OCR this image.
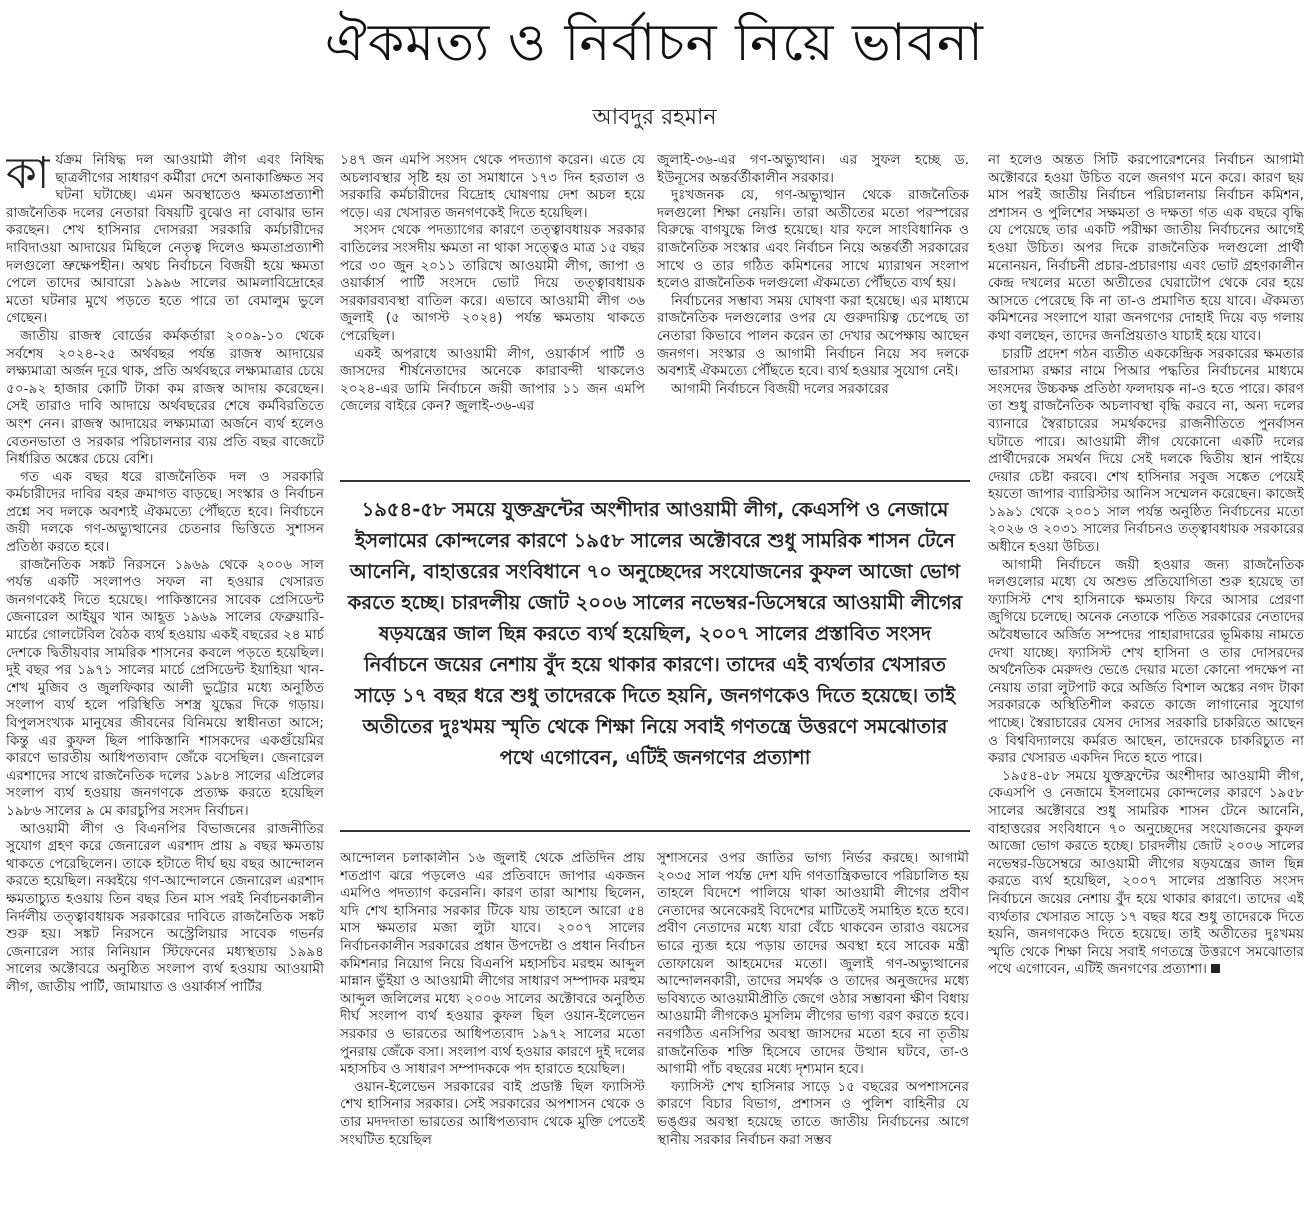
ঐকমত্য ও নির্বাচন নিয়ে ভাবনা
আবদুর রহমান

কার্যক্রম নিষিদ্ধ দল আওয়ামী লীগ এবং নিষিদ্ধ ছাত্রলীগের সাধারণ কর্মীরা দেশে অনাকাঙ্ক্ষিত সব ঘটনা ঘটাচ্ছে। এমন অবস্থাতেও ক্ষমতাপ্রত্যাশী রাজনৈতিক দলের নেতারা বিষয়টি বুঝেও না বোঝার ভান করছেন। শেখ হাসিনার দোসররা সরকারি কর্মচারীদের দাবিদাওয়া আদায়ের মিছিলে নেতৃত্ব দিলেও ক্ষমতাপ্রত্যাশী দলগুলো ভ্রুক্ষেপহীন। অথচ নির্বাচনে বিজয়ী হয়ে ক্ষমতা পেলে তাদের আবারো ১৯৯৬ সালের আমলাবিদ্রোহের মতো ঘটনার মুখে পড়তে হতে পারে তা বেমালুম ভুলে গেছেন।

জাতীয় রাজস্ব বোর্ডের কর্মকর্তারা ২০০৯-১০ থেকে সর্বশেষ ২০২৪-২৫ অর্থবছর পর্যন্ত রাজস্ব আদায়ের লক্ষ্যমাত্রা অর্জন দূরে থাক, প্রতি অর্থবছরে লক্ষ্যমাত্রার চেয়ে ৫০-৯২ হাজার কোটি টাকা কম রাজস্ব আদায় করেছেন। সেই তারাও দাবি আদায়ে অর্থবছরের শেষে কর্মবিরতিতে অংশ নেন। রাজস্ব আদায়ের লক্ষ্যমাত্রা অর্জনে ব্যর্থ হলেও বেতনভাতা ও সরকার পরিচালনার ব্যয় প্রতি বছর বাজেটে নির্ধারিত অঙ্কের চেয়ে বেশি।

গত এক বছর ধরে রাজনৈতিক দল ও সরকারি কর্মচারীদের দাবির বহর ক্রমাগত বাড়ছে। সংস্কার ও নির্বাচন প্রশ্নে সব দলকে অবশ্যই ঐকমত্যে পৌঁছতে হবে। নির্বাচনে জয়ী দলকে গণ-অভ্যুত্থানের চেতনার ভিত্তিতে সুশাসন প্রতিষ্ঠা করতে হবে।

রাজনৈতিক সঙ্কট নিরসনে ১৯৬৯ থেকে ২০০৬ সাল পর্যন্ত একটি সংলাপও সফল না হওয়ার খেসারত জনগণকেই দিতে হয়েছে। পাকিস্তানের সাবেক প্রেসিডেন্ট জেনারেল আইয়ুব খান আহূত ১৯৬৯ সালের ফেব্রুয়ারি-মার্চের গোলটেবিল বৈঠক ব্যর্থ হওয়ায় একই বছরের ২৪ মার্চ দেশকে দ্বিতীয়বার সামরিক শাসনের কবলে পড়তে হয়েছিল। দুই বছর পর ১৯৭১ সালের মার্চে প্রেসিডেন্ট ইয়াহিয়া খান-শেখ মুজিব ও জুলফিকার আলী ভুট্টোর মধ্যে অনুষ্ঠিত সংলাপ ব্যর্থ হলে পরিস্থিতি সশস্ত্র যুদ্ধের দিকে গড়ায়। বিপুলসংখ্যক মানুষের জীবনের বিনিময়ে স্বাধীনতা আসে; কিন্তু এর কুফল ছিল পাকিস্তানি শাসকদের একগুঁয়েমির কারণে ভারতীয় আধিপত্যবাদ জেঁকে বসেছিল। জেনারেল এরশাদের সাথে রাজনৈতিক দলের ১৯৮৪ সালের এপ্রিলের সংলাপ ব্যর্থ হওয়ায় জনগণকে প্রত্যক্ষ করতে হয়েছিল ১৯৮৬ সালের ৯ মে কারচুপির সংসদ নির্বাচন।

আওয়ামী লীগ ও বিএনপির বিভাজনের রাজনীতির সুযোগ গ্রহণ করে জেনারেল এরশাদ প্রায় ৯ বছর ক্ষমতায় থাকতে পেরেছিলেন। তাকে হটাতে দীর্ঘ ছয় বছর আন্দোলন করতে হয়েছিল। নব্বইয়ে গণ-আন্দোলনে জেনারেল এরশাদ ক্ষমতাচ্যুত হওয়ায় তিন বছর তিন মাস পরই নির্বাচনকালীন নির্দলীয় তত্ত্বাবধায়ক সরকারের দাবিতে রাজনৈতিক সঙ্কট শুরু হয়। সঙ্কট নিরসনে অস্ট্রেলিয়ার সাবেক গভর্নর জেনারেল স্যার নিনিয়ান স্টিফেনের মধ্যস্থতায় ১৯৯৪ সালের অক্টোবরে অনুষ্ঠিত সংলাপ ব্যর্থ হওয়ায় আওয়ামী লীগ, জাতীয় পার্টি, জামায়াত ও ওয়ার্কার্স পার্টির

১৪৭ জন এমপি সংসদ থেকে পদত্যাগ করেন। এতে যে অচলাবস্থার সৃষ্টি হয় তা সমাধানে ১৭৩ দিন হরতাল ও সরকারি কর্মচারীদের বিদ্রোহ ঘোষণায় দেশ অচল হয়ে পড়ে। এর খেসারত জনগণকেই দিতে হয়েছিল।

সংসদ থেকে পদত্যাগের কারণে তত্ত্বাবধায়ক সরকার বাতিলের সংসদীয় ক্ষমতা না থাকা সত্ত্বেও মাত্র ১৫ বছর পরে ৩০ জুন ২০১১ তারিখে আওয়ামী লীগ, জাপা ও ওয়ার্কার্স পার্টি সংসদে ভোট দিয়ে তত্ত্বাবধায়ক সরকারব্যবস্থা বাতিল করে। এভাবে আওয়ামী লীগ ৩৬ জুলাই (৫ আগস্ট ২০২৪) পর্যন্ত ক্ষমতায় থাকতে পেরেছিল।

একই অপরাধে আওয়ামী লীগ, ওয়ার্কার্স পার্টি ও জাসদের শীর্ষনেতাদের অনেকে কারাবন্দী থাকলেও ২০২৪-এর ডামি নির্বাচনে জয়ী জাপার ১১ জন এমপি জেলের বাইরে কেন? জুলাই-৩৬-এর

জুলাই-৩৬-এর গণ-অভ্যুত্থান। এর সুফল হচ্ছে ড. ইউনূসের অন্তর্বর্তীকালীন সরকার।

দুঃখজনক যে, গণ-অভ্যুত্থান থেকে রাজনৈতিক দলগুলো শিক্ষা নেয়নি। তারা অতীতের মতো পরস্পরের বিরুদ্ধে বাগযুদ্ধে লিপ্ত হয়েছে। যার ফলে সাংবিধানিক ও রাজনৈতিক সংস্কার এবং নির্বাচন নিয়ে অন্তর্বর্তী সরকারের সাথে ও তার গঠিত কমিশনের সাথে ম্যারাথন সংলাপ হলেও রাজনৈতিক দলগুলো ঐকমত্যে পৌঁছতে ব্যর্থ হয়।

নির্বাচনের সম্ভাব্য সময় ঘোষণা করা হয়েছে। এর মাধ্যমে রাজনৈতিক দলগুলোর ওপর যে গুরুদায়িত্ব চেপেছে তা নেতারা কিভাবে পালন করেন তা দেখার অপেক্ষায় আছেন জনগণ। সংস্কার ও আগামী নির্বাচন নিয়ে সব দলকে অবশ্যই ঐকমত্যে পৌঁছতে হবে। ব্যর্থ হওয়ার সুযোগ নেই।

আগামী নির্বাচনে বিজয়ী দলের সরকারের

১৯৫৪-৫৮ সময়ে যুক্তফ্রন্টের অংশীদার আওয়ামী লীগ, কেএসপি ও নেজামে ইসলামের কোন্দলের কারণে ১৯৫৮ সালের অক্টোবরে শুধু সামরিক শাসন টেনে আনেনি, বাহাত্তরের সংবিধানে ৭০ অনুচ্ছেদের সংযোজনের কুফল আজো ভোগ করতে হচ্ছে। চারদলীয় জোট ২০০৬ সালের নভেম্বর-ডিসেম্বরে আওয়ামী লীগের ষড়যন্ত্রের জাল ছিন্ন করতে ব্যর্থ হয়েছিল, ২০০৭ সালের প্রস্তাবিত সংসদ নির্বাচনে জয়ের নেশায় বুঁদ হয়ে থাকার কারণে। তাদের এই ব্যর্থতার খেসারত সাড়ে ১৭ বছর ধরে শুধু তাদেরকে দিতে হয়নি, জনগণকেও দিতে হয়েছে। তাই অতীতের দুঃখময় স্মৃতি থেকে শিক্ষা নিয়ে সবাই গণতন্ত্রে উত্তরণে সমঝোতার পথে এগোবেন, এটিই জনগণের প্রত্যাশা

আন্দোলন চলাকালীন ১৬ জুলাই থেকে প্রতিদিন প্রায় শতপ্রাণ ঝরে পড়লেও এর প্রতিবাদে জাপার একজন এমপিও পদত্যাগ করেননি। কারণ তারা আশায় ছিলেন, যদি শেখ হাসিনার সরকার টিকে যায় তাহলে আরো ৫৪ মাস ক্ষমতার মজা লুটা যাবে। ২০০৭ সালের নির্বাচনকালীন সরকারের প্রধান উপদেষ্টা ও প্রধান নির্বাচন কমিশনার নিয়োগ নিয়ে বিএনপি মহাসচিব মরহুম আব্দুল মান্নান ভুঁইয়া ও আওয়ামী লীগের সাধারণ সম্পাদক মরহুম আব্দুল জলিলের মধ্যে ২০০৬ সালের অক্টোবরে অনুষ্ঠিত দীর্ঘ সংলাপ ব্যর্থ হওয়ার কুফল ছিল ওয়ান-ইলেভেন সরকার ও ভারতের আধিপত্যবাদ ১৯৭২ সালের মতো পুনরায় জেঁকে বসা। সংলাপ ব্যর্থ হওয়ার কারণে দুই দলের মহাসচিব ও সাধারণ সম্পাদককে পদ হারাতে হয়েছিল।

ওয়ান-ইলেভেন সরকারের বাই প্রডাক্ট ছিল ফ্যাসিস্ট শেখ হাসিনার সরকার। সেই সরকারের অপশাসন থেকে ও তার মদদদাতা ভারতের আধিপত্যবাদ থেকে মুক্তি পেতেই সংঘটিত হয়েছিল

সুশাসনের ওপর জাতির ভাগ্য নির্ভর করছে। আগামী ২০৩৫ সাল পর্যন্ত দেশ যদি গণতান্ত্রিকভাবে পরিচালিত হয় তাহলে বিদেশে পালিয়ে থাকা আওয়ামী লীগের প্রবীণ নেতাদের অনেকেরই বিদেশের মাটিতেই সমাহিত হতে হবে। প্রবীণ নেতাদের মধ্যে যারা বেঁচে থাকবেন তারাও বয়সের ভারে ন্যুব্জ হয়ে পড়ায় তাদের অবস্থা হবে সাবেক মন্ত্রী তোফায়েল আহমেদের মতো। জুলাই গণ-অভ্যুত্থানের আন্দোলনকারী, তাদের সমর্থক ও তাদের অনুজদের মধ্যে ভবিষ্যতে আওয়ামীপ্রীতি জেগে ওঠার সম্ভাবনা ক্ষীণ বিধায় আওয়ামী লীগকেও মুসলিম লীগের ভাগ্য বরণ করতে হবে। নবগঠিত এনসিপির অবস্থা জাসদের মতো হবে না তৃতীয় রাজনৈতিক শক্তি হিসেবে তাদের উত্থান ঘটবে, তা-ও আগামী পাঁচ বছরের মধ্যে দৃশ্যমান হবে।

ফ্যাসিস্ট শেখ হাসিনার সাড়ে ১৫ বছরের অপশাসনের কারণে বিচার বিভাগ, প্রশাসন ও পুলিশ বাহিনীর যে ভঙ্গুর অবস্থা হয়েছে তাতে জাতীয় নির্বাচনের আগে স্থানীয় সরকার নির্বাচন করা সম্ভব

না হলেও অন্তত সিটি করপোরেশনের নির্বাচন আগামী অক্টোবরে হওয়া উচিত বলে জনগণ মনে করে। কারণ ছয় মাস পরই জাতীয় নির্বাচন পরিচালনায় নির্বাচন কমিশন, প্রশাসন ও পুলিশের সক্ষমতা ও দক্ষতা গত এক বছরে বৃদ্ধি যে পেয়েছে তার একটি পরীক্ষা জাতীয় নির্বাচনের আগেই হওয়া উচিত। অপর দিকে রাজনৈতিক দলগুলো প্রার্থী মনোনয়ন, নির্বাচনী প্রচার-প্রচারণায় এবং ভোট গ্রহণকালীন কেন্দ্র দখলের মতো অতীতের ঘেরাটোপ থেকে বের হয়ে আসতে পেরেছে কি না তা-ও প্রমাণিত হয়ে যাবে। ঐকমত্য কমিশনের সংলাপে যারা জনগণের দোহাই দিয়ে বড় গলায় কথা বলছেন, তাদের জনপ্রিয়তাও যাচাই হয়ে যাবে।

চারটি প্রদেশ গঠন ব্যতীত এককেন্দ্রিক সরকারের ক্ষমতার ভারসাম্য রক্ষার নামে পিআর পদ্ধতির নির্বাচনের মাধ্যমে সংসদের উচ্চকক্ষ প্রতিষ্ঠা ফলদায়ক না-ও হতে পারে। কারণ তা শুধু রাজনৈতিক অচলাবস্থা বৃদ্ধি করবে না, অন্য দলের ব্যানারে স্বৈরাচারের সমর্থকদের রাজনীতিতে পুনর্বাসন ঘটাতে পারে। আওয়ামী লীগ যেকোনো একটি দলের প্রার্থীদেরকে সমর্থন দিয়ে সেই দলকে দ্বিতীয় স্থান পাইয়ে দেয়ার চেষ্টা করবে। শেখ হাসিনার সবুজ সঙ্কেত পেয়েই হয়তো জাপার ব্যারিস্টার আনিস সম্মেলন করেছেন। কাজেই ১৯৯১ থেকে ২০০১ সাল পর্যন্ত অনুষ্ঠিত নির্বাচনের মতো ২০২৬ ও ২০৩১ সালের নির্বাচনও তত্ত্বাবধায়ক সরকারের অধীনে হওয়া উচিত।

আগামী নির্বাচনে জয়ী হওয়ার জন্য রাজনৈতিক দলগুলোর মধ্যে যে অশুভ প্রতিযোগিতা শুরু হয়েছে তা ফ্যাসিস্ট শেখ হাসিনাকে ক্ষমতায় ফিরে আসার প্রেরণা জুগিয়ে চলেছে। অনেক নেতাকে পতিত সরকারের নেতাদের অবৈধভাবে অর্জিত সম্পদের পাহারাদারের ভূমিকায় নামতে দেখা যাচ্ছে। ফ্যাসিস্ট শেখ হাসিনা ও তার দোসরদের অর্থনৈতিক মেরুদণ্ড ভেঙে দেয়ার মতো কোনো পদক্ষেপ না নেয়ায় তারা লুটপাট করে অর্জিত বিশাল অঙ্কের নগদ টাকা সরকারকে অস্থিতিশীল করতে কাজে লাগানোর সুযোগ পাচ্ছে। স্বৈরাচারের যেসব দোসর সরকারি চাকরিতে আছেন ও বিশ্ববিদ্যালয়ে কর্মরত আছেন, তাদেরকে চাকরিচ্যুত না করার খেসারত একদিন দিতে হতে পারে।

১৯৫৪-৫৮ সময়ে যুক্তফ্রন্টের অংশীদার আওয়ামী লীগ, কেএসপি ও নেজামে ইসলামের কোন্দলের কারণে ১৯৫৮ সালের অক্টোবরে শুধু সামরিক শাসন টেনে আনেনি, বাহাত্তরের সংবিধানে ৭০ অনুচ্ছেদের সংযোজনের কুফল আজো ভোগ করতে হচ্ছে। চারদলীয় জোট ২০০৬ সালের নভেম্বর-ডিসেম্বরে আওয়ামী লীগের ষড়যন্ত্রের জাল ছিন্ন করতে ব্যর্থ হয়েছিল, ২০০৭ সালের প্রস্তাবিত সংসদ নির্বাচনে জয়ের নেশায় বুঁদ হয়ে থাকার কারণে। তাদের এই ব্যর্থতার খেসারত সাড়ে ১৭ বছর ধরে শুধু তাদেরকে দিতে হয়নি, জনগণকেও দিতে হয়েছে। তাই অতীতের দুঃখময় স্মৃতি থেকে শিক্ষা নিয়ে সবাই গণতন্ত্রে উত্তরণে সমঝোতার পথে এগোবেন, এটিই জনগণের প্রত্যাশা।
